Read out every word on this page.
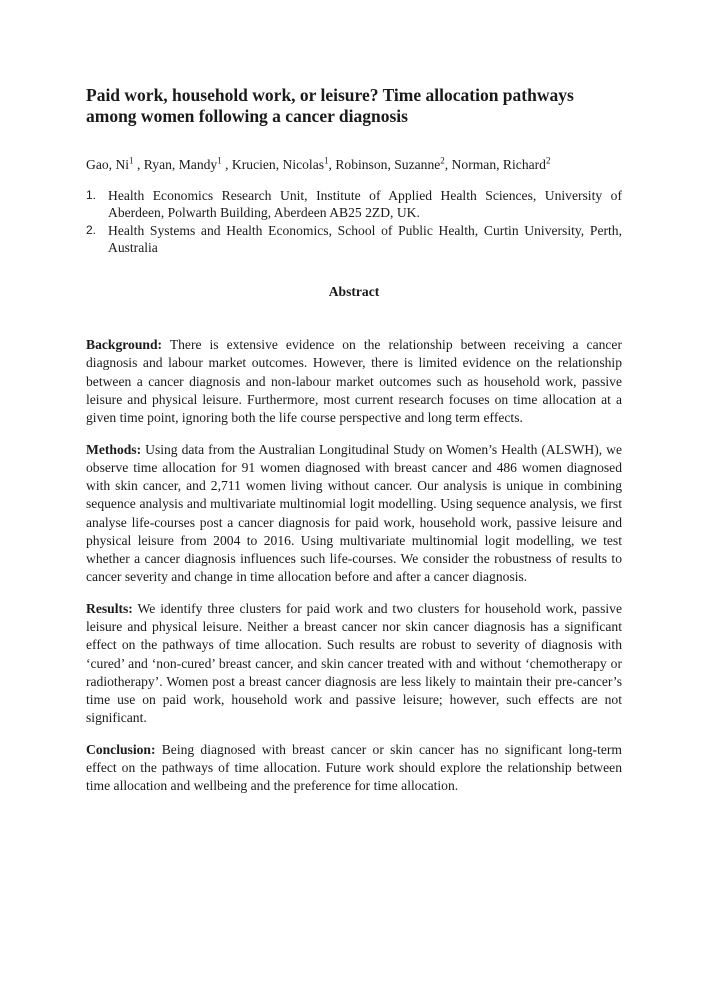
Paid work, household work, or leisure? Time allocation pathways among women following a cancer diagnosis
Gao, Ni$^1$ , Ryan, Mandy$^1$ , Krucien, Nicolas$^1$, Robinson, Suzanne$^2$, Norman, Richard$^2$
1. Health Economics Research Unit, Institute of Applied Health Sciences, University of Aberdeen, Polwarth Building, Aberdeen AB25 2ZD, UK.
2. Health Systems and Health Economics, School of Public Health, Curtin University, Perth, Australia
Abstract

Background: There is extensive evidence on the relationship between receiving a cancer diagnosis and labour market outcomes. However, there is limited evidence on the relationship between a cancer diagnosis and non-labour market outcomes such as household work, passive leisure and physical leisure. Furthermore, most current research focuses on time allocation at a given time point, ignoring both the life course perspective and long term effects.

Methods: Using data from the Australian Longitudinal Study on Women’s Health (ALSWH), we observe time allocation for 91 women diagnosed with breast cancer and 486 women diagnosed with skin cancer, and 2,711 women living without cancer. Our analysis is unique in combining sequence analysis and multivariate multinomial logit modelling. Using sequence analysis, we first analyse life-courses post a cancer diagnosis for paid work, household work, passive leisure and physical leisure from 2004 to 2016. Using multivariate multinomial logit modelling, we test whether a cancer diagnosis influences such life-courses. We consider the robustness of results to cancer severity and change in time allocation before and after a cancer diagnosis.

Results: We identify three clusters for paid work and two clusters for household work, passive leisure and physical leisure. Neither a breast cancer nor skin cancer diagnosis has a significant effect on the pathways of time allocation. Such results are robust to severity of diagnosis with ‘cured’ and ‘non-cured’ breast cancer, and skin cancer treated with and without ‘chemotherapy or radiotherapy’. Women post a breast cancer diagnosis are less likely to maintain their pre-cancer’s time use on paid work, household work and passive leisure; however, such effects are not significant.

Conclusion: Being diagnosed with breast cancer or skin cancer has no significant long-term effect on the pathways of time allocation. Future work should explore the relationship between time allocation and wellbeing and the preference for time allocation.
